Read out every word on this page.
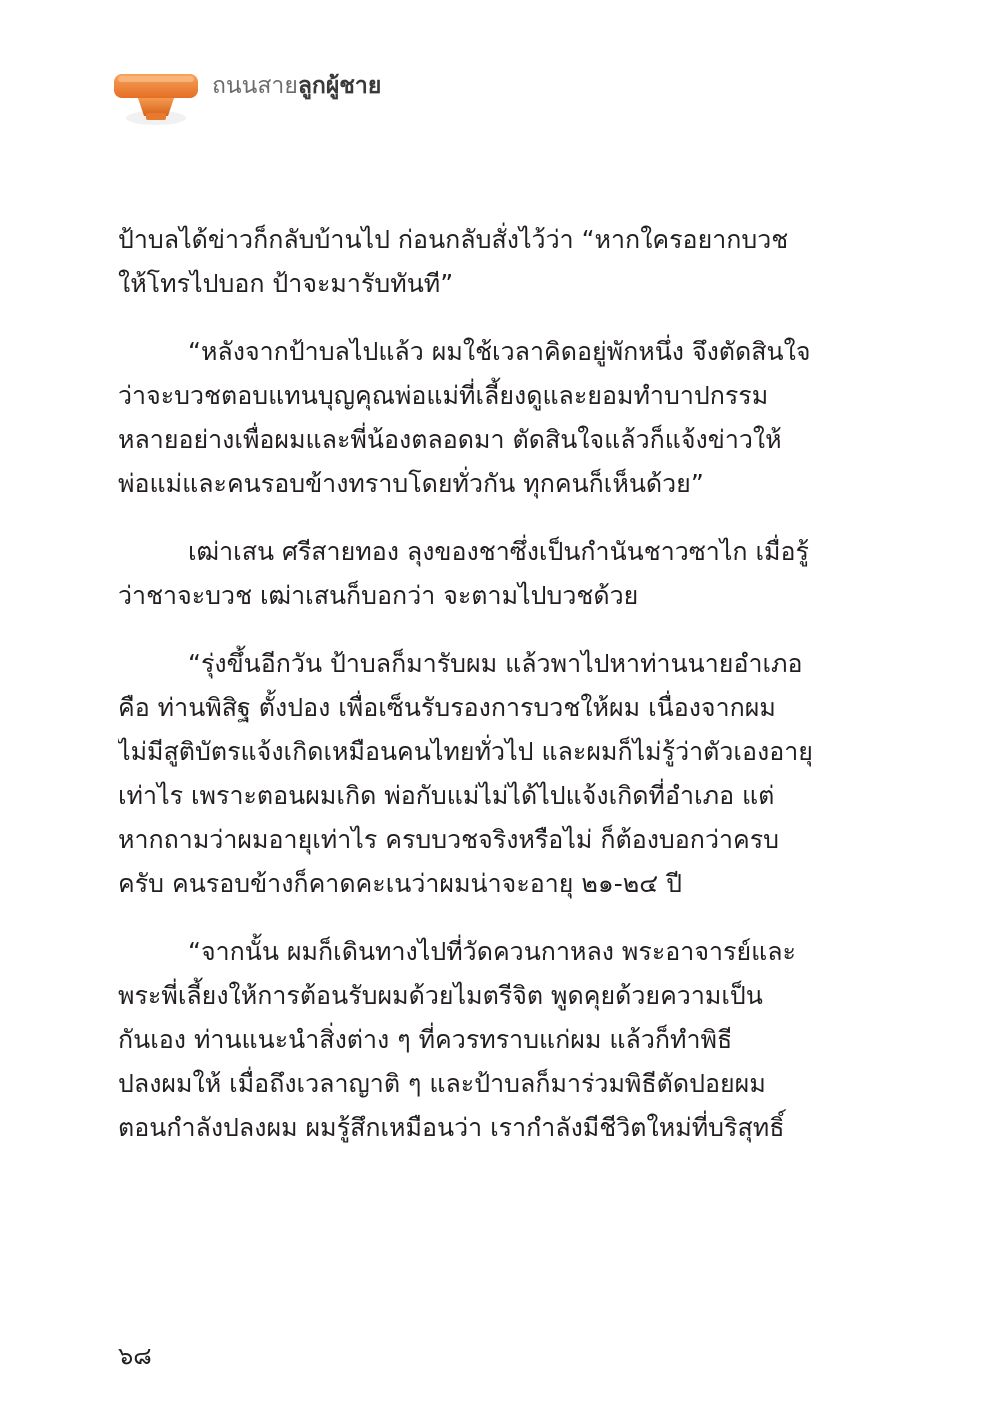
ถนนสายลูกผู้ชาย
ป้าบลได้ข่าวก็กลับบ้านไป ก่อนกลับสั่งไว้ว่า “หากใครอยากบวช
ให้โทรไปบอก ป้าจะมารับทันที”
“หลังจากป้าบลไปแล้ว ผมใช้เวลาคิดอยู่พักหนึ่ง จึงตัดสินใจ
ว่าจะบวชตอบแทนบุญคุณพ่อแม่ที่เลี้ยงดูและยอมทำบาปกรรม
หลายอย่างเพื่อผมและพี่น้องตลอดมา ตัดสินใจแล้วก็แจ้งข่าวให้
พ่อแม่และคนรอบข้างทราบโดยทั่วกัน ทุกคนก็เห็นด้วย”
เฒ่าเสน ศรีสายทอง ลุงของชาซึ่งเป็นกำนันชาวซาไก เมื่อรู้
ว่าชาจะบวช เฒ่าเสนก็บอกว่า จะตามไปบวชด้วย
“รุ่งขึ้นอีกวัน ป้าบลก็มารับผม แล้วพาไปหาท่านนายอำเภอ
คือ ท่านพิสิฐ ตั้งปอง เพื่อเซ็นรับรองการบวชให้ผม เนื่องจากผม
ไม่มีสูติบัตรแจ้งเกิดเหมือนคนไทยทั่วไป และผมก็ไม่รู้ว่าตัวเองอายุ
เท่าไร เพราะตอนผมเกิด พ่อกับแม่ไม่ได้ไปแจ้งเกิดที่อำเภอ แต่
หากถามว่าผมอายุเท่าไร ครบบวชจริงหรือไม่ ก็ต้องบอกว่าครบ
ครับ คนรอบข้างก็คาดคะเนว่าผมน่าจะอายุ ๒๑-๒๔ ปี
“จากนั้น ผมก็เดินทางไปที่วัดควนกาหลง พระอาจารย์และ
พระพี่เลี้ยงให้การต้อนรับผมด้วยไมตรีจิต พูดคุยด้วยความเป็น
กันเอง ท่านแนะนำสิ่งต่าง ๆ ที่ควรทราบแก่ผม แล้วก็ทำพิธี
ปลงผมให้ เมื่อถึงเวลาญาติ ๆ และป้าบลก็มาร่วมพิธีตัดปอยผม
ตอนกำลังปลงผม ผมรู้สึกเหมือนว่า เรากำลังมีชีวิตใหม่ที่บริสุทธิ์
๖๘
